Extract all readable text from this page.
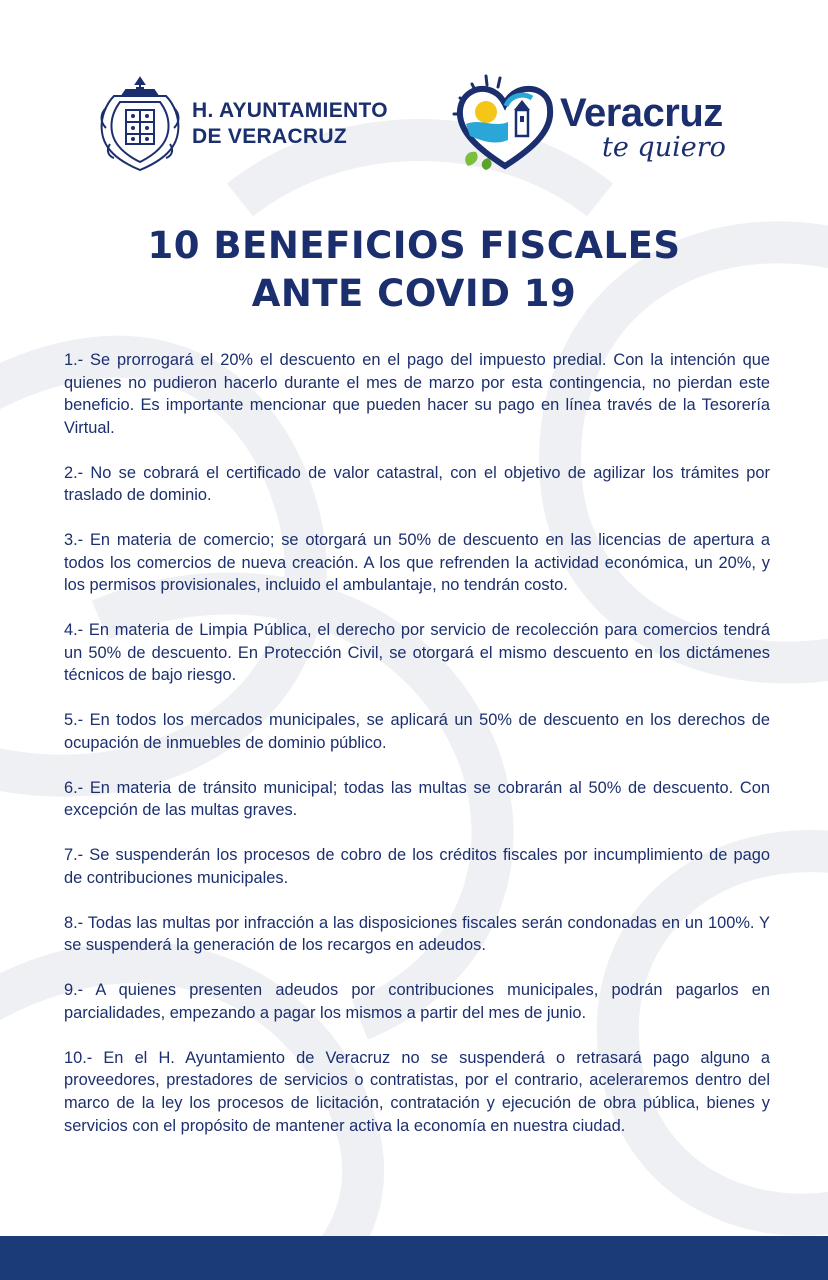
H. AYUNTAMIENTO
DE VERACRUZ
Veracruz
te quiero
10 BENEFICIOS FISCALES
ANTE COVID 19

1.- Se prorrogará el 20% el descuento en el pago del impuesto predial. Con la intención que quienes no pudieron hacerlo durante el mes de marzo por esta contingencia, no pierdan este beneficio. Es importante mencionar que pueden hacer su pago en línea través de la Tesorería Virtual.

2.- No se cobrará el certificado de valor catastral, con el objetivo de agilizar los trámites por traslado de dominio.

3.- En materia de comercio; se otorgará un 50% de descuento en las licencias de apertura a todos los comercios de nueva creación. A los que refrenden la actividad económica, un 20%, y los permisos provisionales, incluido el ambulantaje, no tendrán costo.

4.- En materia de Limpia Pública, el derecho por servicio de recolección para comercios tendrá un 50% de descuento. En Protección Civil, se otorgará el mismo descuento en los dictámenes técnicos de bajo riesgo.

5.- En todos los mercados municipales, se aplicará un 50% de descuento en los derechos de ocupación de inmuebles de dominio público.

6.- En materia de tránsito municipal; todas las multas se cobrarán al 50% de descuento. Con excepción de las multas graves.

7.- Se suspenderán los procesos de cobro de los créditos fiscales por incumplimiento de pago de contribuciones municipales.

8.- Todas las multas por infracción a las disposiciones fiscales serán condonadas en un 100%. Y se suspenderá la generación de los recargos en adeudos.

9.- A quienes presenten adeudos por contribuciones municipales, podrán pagarlos en parcialidades, empezando a pagar los mismos a partir del mes de junio.

10.- En el H. Ayuntamiento de Veracruz no se suspenderá o retrasará pago alguno a proveedores, prestadores de servicios o contratistas, por el contrario, aceleraremos dentro del marco de la ley los procesos de licitación, contratación y ejecución de obra pública, bienes y servicios con el propósito de mantener activa la economía en nuestra ciudad.
